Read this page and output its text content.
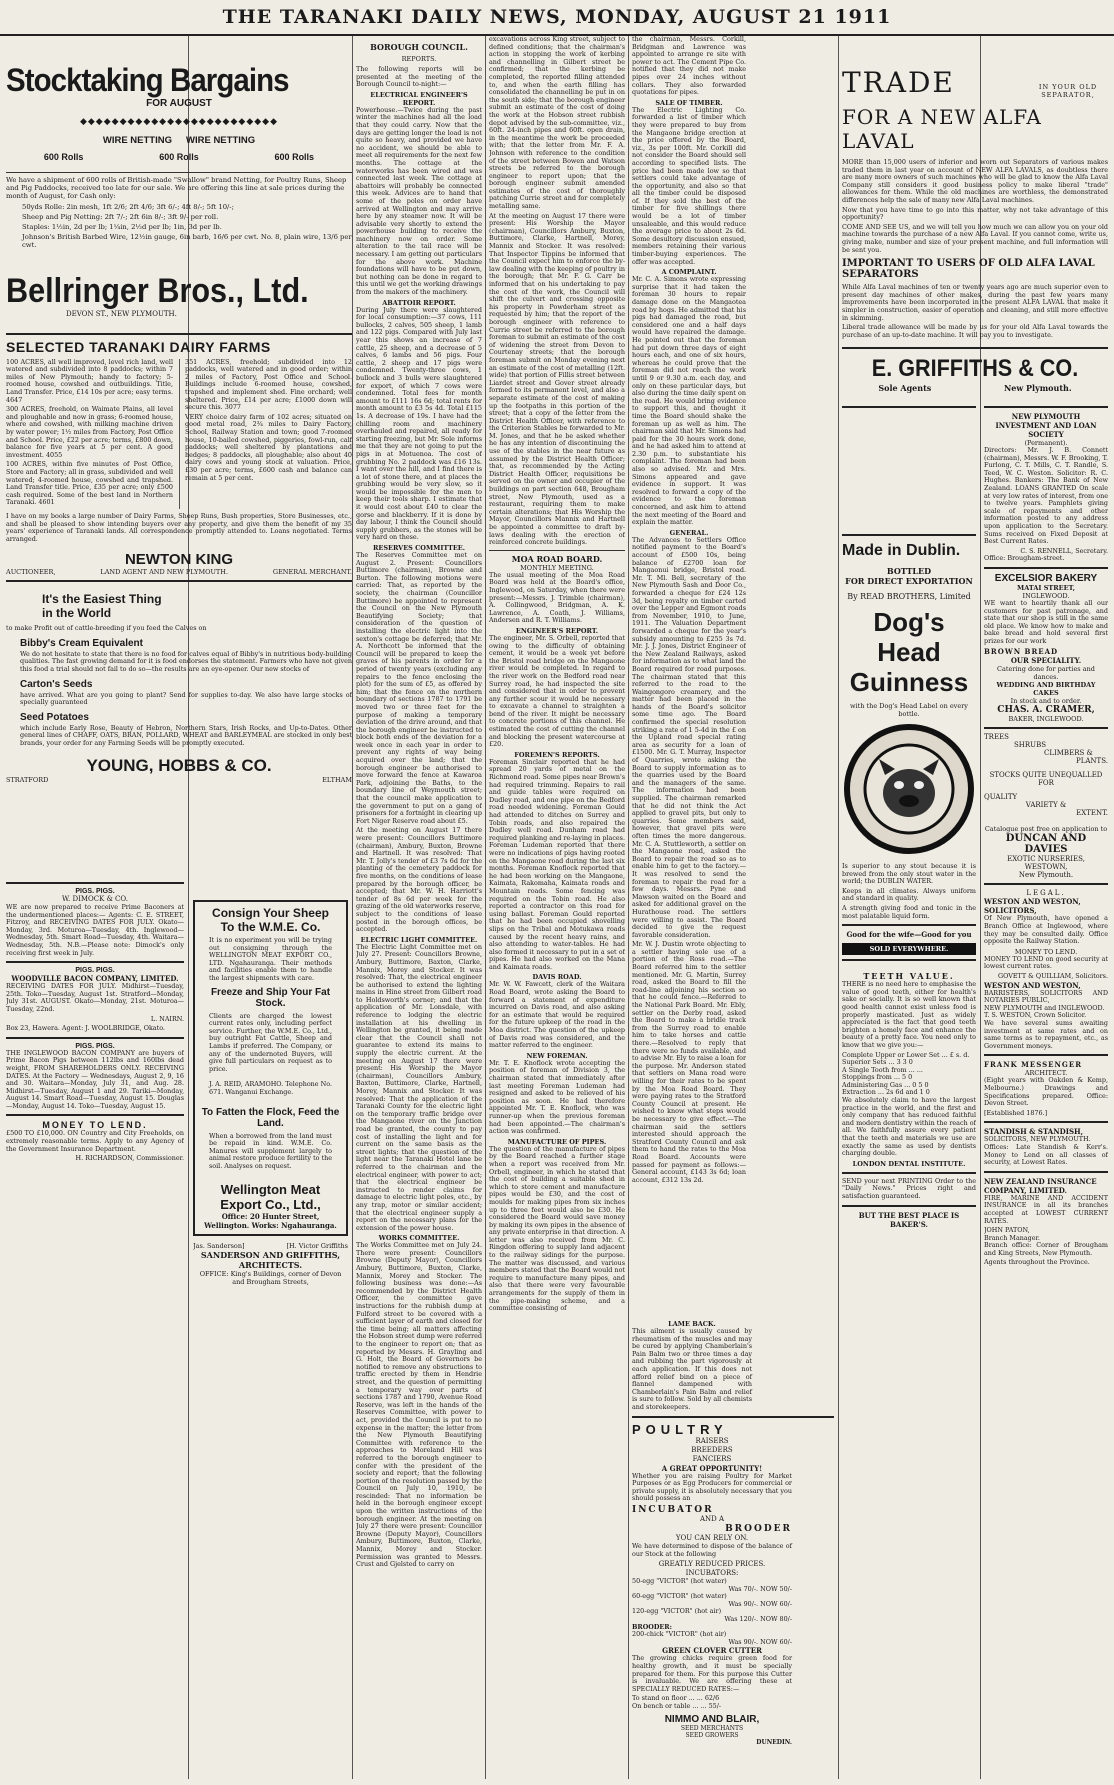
THE TARANAKI DAILY NEWS, MONDAY, AUGUST 21 1911
Stocktaking Bargains
FOR AUGUST
◆◆◆◆◆◆◆◆◆◆◆◆◆◆◆◆◆◆◆◆◆◆◆◆◆
WIRE NETTING WIRE NETTING
600 Rolls	600 Rolls	600 Rolls

We have a shipment of 600 rolls of British-made "Swallow" brand Netting, for Poultry Runs, Sheep and Pig Paddocks, received too late for our sale. We are offering this line at sale prices during the month of August, for Cash only:

50yds Rolle: 2in mesh, 1ft 2/6; 2ft 4/6; 3ft 6/-; 4ft 8/-; 5ft 10/-;

Sheep and Pig Netting: 2ft 7/-; 2ft 6in 8/-; 3ft 9/- per roll.

Staples: 1½in, 2d per lb; 1¼in, 2½d per lb; 1in, 3d per lb.

Johnson's British Barbed Wire, 12½in gauge, 6in barb, 16/6 per cwt. No. 8, plain wire, 13/6 per cwt.

Bellringer Bros., Ltd.
DEVON ST., NEW PLYMOUTH.
SELECTED TARANAKI DAIRY FARMS

100 ACRES, all well improved, level rich land, well watered and subdivided into 8 paddocks; within 7 miles of New Plymouth; handy to factory; 5-roomed house, cowshed and outbuildings. Title, Land Transfer. Price, £14 10s per acre; easy terms. 4647

300 ACRES, freehold, on Waimate Plains, all level and ploughable and now in grass; 6-roomed house, where and cowshed, with milking machine driven by water power; 1½ miles from Factory, Post Office and School. Price, £22 per acre; terms, £800 down, balance for five years at 5 per cent. A good investment. 4055

100 ACRES, within five minutes of Post Office, Store and Factory; all in grass, subdivided and well watered; 4-roomed house, cowshed and trapshed. Land Transfer title. Price, £35 per acre; only £500 cash required. Some of the best land in Northern Taranaki. 4601

351 ACRES, freehold; subdivided into 12 paddocks, well watered and in good order; within 2 miles of Factory, Post Office and School. Buildings include 6-roomed house, cowshed, trapshed and implement shed. Fine orchard; well sheltered. Price, £14 per acre; £1000 down will secure this. 3077

VERY choice dairy farm of 102 acres; situated on good metal road, 2¾ miles to Dairy Factory, School, Railway Station and town; good 7-roomed house, 10-bailed cowshed, piggeries, fowl-run, calf paddocks; well sheltered by plantations and hedges; 8 paddocks, all ploughable; also about 40 dairy cows and young stock at valuation. Price, £30 per acre; terms, £600 cash and balance can remain at 5 per cent.

I have on my books a large number of Dairy Farms, Sheep Runs, Bush properties, Store Businesses, etc., and shall be pleased to show intending buyers over any property, and give them the benefit of my 35 years' experience of Taranaki lands. All correspondence promptly attended to. Loans negotiated. Terms arranged.

NEWTON KING
AUCTIONEER,	LAND AGENT AND NEW PLYMOUTH.	GENERAL MERCHANT.
It's the Easiest Thing
in the World

to make Profit out of cattle-breeding if you feed the Calves on

Bibby's Cream Equivalent

We do not hesitate to state that there is no food for calves equal of Bibby's in nutritious body-building qualities. The fast growing demand for it is food endorses the statement. Farmers who have not given this food a trial should not fail to do so—the results are an eye-opener. Our new stocks of

Carton's Seeds

have arrived. What are you going to plant? Send for supplies to-day. We also have large stocks of specially guaranteed

Seed Potatoes

which include Early Rose, Beauty of Hebron, Northern Stars, Irish Rocks, and Up-to-Dates. Other general lines of CHAFF, OATS, BRAN, POLLARD, WHEAT and BARLEYMEAL are stocked in only best brands, your order for any Farming Seeds will be promptly executed.

YOUNG, HOBBS & CO.
STRATFORD	ELTHAM
PIGS. PIGS.
W. DIMOCK & CO.

WE are now prepared to receive Prime Baconers at the undermentioned places:— Agents: C. E. STREET, Fitzroy, and RECEIVING DATES FOR JULY. Okato—Monday, 3rd. Moturoa—Tuesday, 4th. Inglewood—Wednesday, 5th. Smart Road—Tuesday, 4th. Waitara—Wednesday, 5th. N.B.—Please note: Dimock's only receiving first week in July.

PIGS. PIGS.
WOODVILLE BACON COMPANY, LIMITED.

RECEIVING DATES FOR JULY. Midhirst—Tuesday, 25th. Toko—Tuesday, August 1st. Stratford—Monday, July 31st. AUGUST. Okato—Monday, 21st. Moturoa—Tuesday, 22nd.

L. NAIRN.

Box 23, Hawera. Agent: J. WOOLBRIDGE, Okato.

PIGS. PIGS.

THE INGLEWOOD BACON COMPANY are buyers of Prime Bacon Pigs between 112lbs and 160lbs dead weight, FROM SHAREHOLDERS ONLY. RECEIVING DATES. At the Factory — Wednesdays, August 2, 9, 16 and 30. Waitara—Monday, July 31, and Aug. 28. Midhirst—Tuesday, August 1 and 29. Tariki—Monday, August 14. Smart Road—Tuesday, August 15. Douglas—Monday, August 14. Toko—Tuesday, August 15.

MONEY TO LEND.

£500 TO £10,000. ON Country and City Freeholds, on extremely reasonable terms. Apply to any Agency of the Government Insurance Department.

H. RICHARDSON, Commissioner.

Consign Your Sheep
To the W.M.E. Co.

It is no experiment you will be trying out consigning through the WELLINGTON MEAT EXPORT CO., LTD. Ngahauranga. Their methods and facilities enable them to handle the largest shipments with care.

Freeze and Ship Your Fat Stock.

Clients are charged the lowest current rates only, including perfect service. Further, the W.M.E. Co., Ltd., buy outright Fat Cattle, Sheep and Lambs if preferred. The Company, or any of the undernoted Buyers, will give full particulars on request as to price.

J. A. REID, ARAMOHO. Telephone No. 671. Wanganui Exchange.

To Fatten the Flock, Feed the Land.

When a borrowed from the land must be repaid in kind. W.M.E. Co. Manures will supplement largely to animal restore produce fertility to the soil. Analyses on request.

Wellington Meat Export Co., Ltd.,
Office: 20 Hunter Street, Wellington. Works: Ngahauranga.
Jas. Sanderson]	[H. Victor Griffiths
SANDERSON AND GRIFFITHS, ARCHITECTS.
OFFICE: King's Buildings, corner of Devon and Brougham Streets,
BOROUGH COUNCIL.
REPORTS.

The following reports will be presented at the meeting of the Borough Council to-night:—

ELECTRICAL ENGINEER'S REPORT.

Powerhouse.—Twice during the past winter the machines had all the load that they could carry. Now that the days are getting longer the load is not quite so heavy, and provided we have no accident, we should be able to meet all requirements for the next few months. The cottage at the waterworks has been wired and was connected last week. The cottage at abattoirs will probably be connected this week. Advices are to hand that some of the poles on order have arrived at Wellington and may arrive here by any steamer now. It will be advisable very shortly to extend the powerhouse building to receive the machinery now on order. Some alteration to the tail race will be necessary. I am getting out particulars for the above work. Machine foundations will have to be put down, but nothing can be done in regard to this until we get the working drawings from the makers of the machinery.

ABATTOIR REPORT.

During July there were slaughtered for local consumption:—37 cows, 111 bullocks, 2 calves, 505 sheep, 1 lamb and 122 pigs. Compared with July last year this shows an increase of 7 cattle, 25 sheep, and a decrease of 5 calves, 6 lambs and 56 pigs. Four cattle, 2 sheep and 17 pigs were condemned. Twenty-three cows, 1 bullock and 3 bulls were slaughtered for export, of which 7 cows were condemned. Total fees for month amount to £111 16s 6d; total rents for month amount to £3 5s 4d. Total £115 1s. A decrease of 19s. I have had the chilling room and machinery overhauled and repaired, all ready for starting freezing, but Mr. Sole informs me that they are not going to put the pigs in at Motuenoa. The cost of grubbing No. 2 paddock was £16 13s. I want over the hill, and I find there is a lot of stone there, and at places the grubbing would be very slow, so it would be impossible for the men to keep their tools sharp. I estimate that it would cost about £40 to clear the gorse and blackberry. If it is done by day labour, I think the Council should supply grubbers, as the stones will be very hard on these.

RESERVES COMMITTEE.

The Reserves Committee met on August 2. Present: Councillors Buttimore (chairman), Browne and Burton. The following motions were carried: That, as reported by the society, the chairman (Councillor Buttimore) be appointed to represent the Council on the New Plymouth Beautifying Society; that consideration of the question of installing the electric light into the sexton's cottage be deferred; that Mr. A. Northcott be informed that the Council will be prepared to keep the graves of his parents in order for a period of twenty years (excluding any repairs to the fence enclosing the plot) for the sum of £5, as offered by him; that the fence on the northern boundary of sections 1787 to 1791 be moved two or three feet for the purpose of making a temporary deviation of the drive around, and that the borough engineer be instructed to block both ends of the deviation for a week once in each year in order to prevent any rights of way being acquired over the land; that the borough engineer be authorised to move forward the fence at Kawaroa Park, adjoining the Baths, to the boundary line of Weymouth street; that the council make application to the government to put on a gang of prisoners for a fortnight in clearing up Fort Niger Reserve road about £5.

At the meeting on August 17 there were present: Councillors Buttimore (chairman), Ambury, Buxton, Browne and Hartnell. It was resolved: That Mr. T. Jolly's tender of £3 7s 6d for the planting of the cemetery paddock for five months, on the conditions of lease prepared by the borough officer, be accepted; that Mr. W. H. Harriott's tender of 8s 6d per week for the grazing of the old waterworks reserve, subject to the conditions of lease posted in the borough offices, be accepted.

ELECTRIC LIGHT COMMITTEE.

The Electric Light Committee met on July 27. Present: Councillors Browne, Ambury, Buttimore, Baxton, Clarke, Mannix, Morey and Stocker. It was resolved: That, the electrical engineer be authorised to extend the lighting mains in Hine street from Gilbert road to Holdsworth's corner; and that the application of Mr. Lonsdale, with reference to lodging the electric installation at his dwelling in Wellington be granted, it being made clear that the Council shall not guarantee to extend its mains to supply the electric current. At the meeting on August 17 there were present: His Worship the Mayor (chairman), Councillors Ambury, Baxton, Buttimore, Clarke, Hartnell, Morey, Mannix and Stocker. It was resolved: That the application of the Taranaki County for the electric light on the temporary traffic bridge over the Mangaone river on the Junction road be granted, the county to pay cost of installing the light and for current on the same basis as the street lights; that the question of the light near the Taranaki Hotel lane be referred to the chairman and the electrical engineer, with power to act; that the electrical engineer be instructed to render claims for damage to electric light poles, etc., by any trap, motor or similar accident; that the electrical engineer supply a report on the necessary plans for the extension of the power house.

WORKS COMMITTEE.

The Works Committee met on July 24. There were present: Councillors Browne (Deputy Mayor), Councillors Ambury, Buttimore, Buxton, Clarke, Mannix, Morey and Stocker. The following business was done:—As recommended by the District Health Officer, the committee gave instructions for the rubbish dump at Fulford street to be covered with a sufficient layer of earth and closed for the time being; all matters affecting the Hobson street dump were referred to the engineer to report on; that as reported by Messrs. H. Grayling and G. Holt, the Board of Governors be notified to remove any obstructions to traffic erected by them in Hendrie street, and the question of permitting a temporary way over parts of sections 1787 and 1790, Avenue Road Reserve, was left in the hands of the Reserves Committee, with power to act, provided the Council is put to no expense in the matter; the letter from the New Plymouth Beautifying Committee with reference to the approaches to Moreland Hill was referred to the borough engineer to confer with the president of the society and report; that the following portion of the resolution passed by the Council on July 10, 1910, be rescinded: That no information be held in the borough engineer except upon the written instructions of the borough engineer. At the meeting on July 27 there were present: Councillor Browne (Deputy Mayor), Councillors Ambury, Buttimore, Buxton, Clarke, Mannix, Morey and Stocker. Permission was granted to Messrs. Crust and Gjelsted to carry on

excavations across King street, subject to defined conditions; that the chairman's action in stopping the work of kerbing and channelling in Gilbert street be confirmed; that the kerbing be completed, the reported filling attended to, and when the earth filling has consolidated the channelling be put in on the south side; that the borough engineer submit an estimate of the cost of doing the work at the Hobson street rubbish depot advised by the sub-committee, viz., 60ft. 24-inch pipes and 60ft. open drain, in the meantime the work be proceeded with; that the letter from Mr. F. A. Johnson with reference to the condition of the street between Bowen and Watson streets be referred to the borough engineer to report upon; that the borough engineer submit amended estimates of the cost of thoroughly patching Currie street and for completely metalling same.

At the meeting on August 17 there were present: His Worship the Mayor (chairman), Councillors Ambury, Buxton, Buttimore, Clarke, Hartnell, Morey, Mannix and Stocker. It was resolved: That Inspector Tippins be informed that the Council expect him to enforce the by-law dealing with the keeping of poultry in the borough; that Mr. F. G. Carr be informed that on his undertaking to pay the cost of the work, the Council will shift the culvert and crossing opposite his property in Powderham street as requested by him; that the report of the borough engineer with reference to Currie street be referred to the borough foreman to submit an estimate of the cost of widening the street from Devon to Courtenay streets; that the borough foreman submit on Monday evening next an estimate of the cost of metalling (12ft. wide) that portion of Fillis street between Liardet street and Gover street already formed to its permanent level, and also a separate estimate of the cost of making up the footpaths in this portion of the street; that a copy of the letter from the District Health Officer, with reference to the Criterion Stables be forwarded to Mr. M. Jones, and that he be asked whether he has any intention of discontinuing the use of the stables in the near future as assumed by the District Health Officer; that, as recommended by the Acting District Health Officer, requisitions be served on the owner and occupier of the buildings on part section 648, Brougham street, New Plymouth, used as a restaurant, requiring them to make certain alterations; that His Worship the Mayor, Councillors Mannix and Hartnell be appointed a committee to draft by-laws dealing with the erection of reinforced concrete buildings.

MOA ROAD BOARD.
MONTHLY MEETING.

The usual meeting of the Moa Road Board was held at the Board's office, Inglewood, on Saturday, when there were present:—Messrs. J. Trimble (chairman), A. Collingwood, Bridgman, A. K. Lawrence, A. Coath, J. Williams, Andersen and R. T. Williams.

ENGINEER'S REPORT.

The engineer, Mr. S. Orbell, reported that owing to the difficulty of obtaining cement, it would be a week yet before the Bristol road bridge on the Mangaone river would be completed. In regard to the river work on the Bedford road near Surrey road, he had inspected the site and considered that in order to prevent any further scour it would be necessary to excavate a channel to straighten a bend of the river. It might be necessary to concrete portions of this channel. He estimated the cost of cutting the channel and blocking the present watercourse at £20.

FOREMEN'S REPORTS.

Foreman Sinclair reported that he had spread 20 yards of metal on the Richmond road. Some pipes near Brown's had required trimming. Repairs to rail and guide tables were required on Dudley road, and one pipe on the Bedford road needed widening. Foreman Gould had attended to ditches on Surrey and Tobin roads, and also repaired the Dudley well road. Dunham road had required planking and re-laying in places. Foreman Ludeman reported that there were no indications of pigs having rooted on the Mangaone road during the last six months. Foreman Knoflock reported that he had been working on the Mangaone, Kaimata, Rakomaha, Kaimata roads and Mountain roads. Some fencing was required on the Tobin road. He also reported a contractor on this road for using ballast. Foreman Gould reported that he had been occupied shovelling slips on the Tribal and Motukawa roads caused by the recent heavy rains, and also attending to water-tables. He had also formed it necessary to put in a set of pipes. He had also worked on the Mana and Kaimata roads.

DAVIS ROAD.

Mr. W. W. Fawcett, clerk of the Waitara Road Board, wrote asking the Board to forward a statement of expenditure incurred on Davis road, and also asking for an estimate that would be required for the future upkeep of the road in the Moa district. The question of the upkeep of Davis road was considered, and the matter referred to the engineer.

NEW FOREMAN.

Mr. T. E. Knoflock wrote accepting the position of foreman of Division 3, the chairman stated that immediately after last meeting Foreman Ludeman had resigned and asked to be relieved of his position as soon. He had therefore appointed Mr. T. E. Knoflock, who was runner-up when the previous foreman had been appointed.—The chairman's action was confirmed.

MANUFACTURE OF PIPES.

The question of the manufacture of pipes by the Board reached a further stage when a report was received from Mr. Orbell, engineer, in which he stated that the cost of building a suitable shed in which to store cement and manufacture pipes would be £30, and the cost of moulds for making pipes from six inches up to three feet would also be £30. He considered the Board would save money by making its own pipes in the absence of any private enterprise in that direction. A letter was also received from Mr. C. Ringdon offering to supply land adjacent to the railway sidings for the purpose. The matter was discussed, and various members stated that the Board would not require to manufacture many pipes, and also that there were very favourable arrangements for the supply of them in the pipe-making scheme, and a committee consisting of

the chairman, Messrs. Corkill, Bridgman and Lawrence was appointed to arrange re site with power to act. The Cement Pipe Co. notified that they did not make pipes over 24 inches without collars. They also forwarded quotations for pipes.

SALE OF TIMBER.

The Electric Lighting Co. forwarded a list of timber which they were prepared to buy from the Mangaone bridge erection at the price offered by the Board, viz., 3s per 100ft. Mr. Corkill did not consider the Board should sell according to specified lists. The price had been made low so that settlers could take advantage of the opportunity, and also so that all the timber could be disposed of. If they sold the best of the timber for five shillings there would be a lot of timber unsaleable, and this would reduce the average price to about 2s 6d. Some desultory discussion ensued, members retaining their various timber-buying experiences. The offer was accepted.

A COMPLAINT.

Mr. C. A. Simons wrote expressing surprise that it had taken the foreman 30 hours to repair damage done on the Mangaotea road by hogs. He admitted that his pigs had damaged the road, but considered one and a half days would have repaired the damage. He pointed out that the foreman had put down three days of eight hours each, and one of six hours, whereas he could prove that the foreman did not reach the work until 9 or 9.30 a.m. each day, and only on these particular days, but also during the time daily spent on the road. He would bring evidence to support this, and thought it time the Board should shake the foreman up as well as him. The chairman said that Mr. Simons had paid for the 30 hours work done, and he had asked him to attend at 2.30 p.m. to substantiate his complaint. The foreman had been also so advised. Mr. and Mrs. Simons appeared and gave evidence in support. It was resolved to forward a copy of the evidence to the foreman concerned, and ask him to attend the next meeting of the Board and explain the matter.

GENERAL.

The Advances to Settlers Office notified payment to the Board's account of £500 10s, being balance of £2700 loan for Mangaonui bridge, Bristol road. Mr. T. Ml. Bell, secretary of the New Plymouth Sash and Door Co., forwarded a cheque for £24 12s 3d, being royalty on timber carted over the Lepper and Egmont roads from November, 1910, to June, 1911. The Valuation Department forwarded a cheque for the year's subsidy amounting to £255 3s 7d. Mr. J. J. Jones, District Engineer of the New Zealand Railways, asked for information as to what land the Board required for road purposes. The chairman stated that this referred to the road to the Waingongoro creamery, and the matter had been placed in the hands of the Board's solicitor some time ago. The Board confirmed the special resolution striking a rate of 1 5-4d in the £ on the Upland road special rating area as security for a loan of £1500. Mr. G. T. Murray, Inspector of Quarries, wrote asking the Board to supply information as to the quarries used by the Board and the managers of the same. The information had been supplied. The chairman remarked that he did not think the Act applied to gravel pits, but only to quarries. Some members said, however, that gravel pits were often times the more dangerous. Mr. C. A. Stuttleworth, a settler on the Mangaone road, asked the Board to repair the road so as to enable him to get to the factory.—It was resolved to send the foreman to repair the road for a few days. Messrs. Pyne and Mawson waited on the Board and asked for additional gravel on the Hurathouse road. The settlers were willing to assist. The Board decided to give the request favorable consideration.

Mr. W. J. Dustin wrote objecting to a settler having sole use of a portion of the Ross road.—The Board referred him to the settler mentioned. Mr. G. Martin, Surrey road, asked the Board to fill the road-line adjoining his section so that he could fence.—Referred to the National Park Board. Mr. Ebly, settler on the Derby road, asked the Board to make a bridle track from the Surrey road to enable him to take horses and cattle there.—Resolved to reply that there were no funds available, and to advise Mr. Ely to raise a loan for the purpose. Mr. Anderson stated that settlers on Mana road were willing for their rates to be spent by the Moa Road Board. They were paying rates to the Stratford County Council at present. He wished to know what steps would be necessary to give effect.—The chairman said the settlers interested should approach the Stratford County Council and ask them to hand the rates to the Moa Road Board. Accounts were passed for payment as follows:—General account, £143 3s 6d; loan account, £312 13s 2d.

LAME BACK.

This ailment is usually caused by rheumatism of the muscles and may be cured by applying Chamberlain's Pain Balm two or three times a day and rubbing the part vigorously at each application. If this does not afford relief bind on a piece of flannel dampened with Chamberlain's Pain Balm and relief is sure to follow. Sold by all chemists and storekeepers.

POULTRY
RAISERS
BREEDERS
FANCIERS
A GREAT OPPORTUNITY!

Whether you are raising Poultry for Market Purposes or as Egg Producers for commercial or private supply, it is absolutely necessary that you should possess an

INCUBATOR
AND A
BROODER
YOU CAN RELY ON.

We have determined to dispose of the balance of our Stock at the following

GREATLY REDUCED PRICES.
INCUBATORS:
50-egg "VICTOR" (hot water)
Was 70/-. NOW 50/-
60-egg "VICTOR" (hot water)
Was 90/-. NOW 60/-
120-egg "VICTOR" (hot air)
Was 120/-. NOW 80/-
BROODER:
200-chick "VICTOR" (hot air)
Was 90/-. NOW 60/-
GREEN CLOVER CUTTER

The growing chicks require green food for healthy growth, and it must be specially prepared for them. For this purpose this Cutter is invaluable. We are offering these at SPECIALLY REDUCED RATES:—

To stand on floor ... ... 62/6
On bench or table ... ... 55/-
NIMMO AND BLAIR,
SEED MERCHANTS
SEED GROWERS
DUNEDIN.
TRADE	IN YOUR OLD SEPARATOR,
FOR A NEW ALFA LAVAL

MORE than 15,000 users of inferior and worn out Separators of various makes traded them in last year on account of NEW ALFA LAVALS, as doubtless there are many more owners of such machines who will be glad to know the Alfa Laval Company still considers it good business policy to make liberal "trade" allowances for them. While the old machines are worthless, the demonstrated differences help the sale of many new Alfa Laval machines.

Now that you have time to go into this matter, why not take advantage of this opportunity?

COME AND SEE US, and we will tell you how much we can allow you on your old machine towards the purchase of a new Alfa Laval. If you cannot come, write us, giving make, number and size of your present machine, and full information will be sent you.

IMPORTANT TO USERS OF OLD ALFA LAVAL SEPARATORS

While Alfa Laval machines of ten or twenty years ago are much superior even to present day machines of other makes, during the past few years many improvements have been incorporated in the present ALFA LAVAL that make it simpler in construction, easier of operation and cleaning, and still more effective in skimming.

Liberal trade allowance will be made by us for your old Alfa Laval towards the purchase of an up-to-date machine. It will pay you to investigate.

E. GRIFFITHS & CO.
Sole Agents	New Plymouth.
Made in Dublin.
BOTTLED
FOR DIRECT EXPORTATION
By READ BROTHERS, Limited
Dog's Head
Guinness

with the Dog's Head Label on every bottle.

Is superior to any stout because it is brewed from the only stout water in the world; the DUBLIN WATER.

Keeps in all climates. Always uniform and standard in quality.

A strength giving food and tonic in the most palatable liquid form.

Good for the wife—Good for you
SOLD EVERYWHERE.
TEETH VALUE.

THERE is no need here to emphasise the value of good teeth, either for health's sake or socially. It is so well known that good health cannot exist unless food is properly masticated. Just as widely appreciated is the fact that good teeth brighten a homely face and enhance the beauty of a pretty face. You need only to know that we give you:—

Complete Upper or Lower Set ... £ s. d.
Superior Sets ... 3 3 0
A Single Tooth from ... ...
Stoppings from ... 5 0
Administering Gas ... 0 5 0
Extraction ... 2s 6d and 1 0

We absolutely claim to have the largest practice in the world, and the first and only company that has reduced faithful and modern dentistry within the reach of all. We faithfully assure every patient that the teeth and materials we use are exactly the same as used by dentists charging double.

LONDON DENTAL INSTITUTE.

SEND your next PRINTING Order to the "Daily News." Prices right and satisfaction guaranteed.

BUT THE BEST PLACE IS BAKER'S.
NEW PLYMOUTH INVESTMENT AND LOAN SOCIETY
(Permanent).

Directors: Mr. J. B. Connett (chairman), Messrs. W. F. Brooking, T. Furlong, C. T. Mills, C. T. Randle, S. Teed, W. C. Weston. Solicitor: R. C. Hughes. Bankers: The Bank of New Zealand. LOANS GRANTED On scale at very low rates of interest, from one to twelve years. Pamphlets giving scale of repayments and other information posted to any address upon application to the Secretary. Sums received on Fixed Deposit at Best Current Rates.

C. S. RENNELL, Secretary.
Office: Brougham-street.
EXCELSIOR BAKERY
MATAI STREET,
INGLEWOOD.

WE want to heartily thank all our customers for past patronage, and state that our shop is still in the same old place. We know how to make and bake bread and hold several first prizes for our work

BROWN BREAD
OUR SPECIALITY.
Catering done for parties and dances.
WEDDING AND BIRTHDAY CAKES
In stock and to order.
CHAS. A. CRAMER,
BAKER, INGLEWOOD.
TREES
SHRUBS
CLIMBERS &
PLANTS.
STOCKS QUITE UNEQUALLED FOR
QUALITY
VARIETY &
EXTENT.
Catalogue post free on application to
DUNCAN AND DAVIES
EXOTIC NURSERIES,
WESTOWN,
New Plymouth.
LEGAL.
WESTON AND WESTON, SOLICITORS,

Of New Plymouth, have opened a Branch Office at Inglewood, where they may be consulted daily. Office opposite the Railway Station.

MONEY TO LEND.

MONEY TO LEND on good security at lowest current rates.

GOVETT & QUILLIAM, Solicitors.
WESTON AND WESTON,
BARRISTERS, SOLICITORS AND NOTARIES PUBLIC,
NEW PLYMOUTH and INGLEWOOD.
T. S. WESTON, Crown Solicitor.

We have several sums awaiting investment at same rates and on same terms as to repayment, etc., as Government moneys.

FRANK MESSENGER
ARCHITECT.

(Eight years with Oakden & Kemp, Melbourne.) Drawings and Specifications prepared. Office: Devon Street.

[Established 1876.]
STANDISH & STANDISH,
SOLICITORS, NEW PLYMOUTH.

Offices: Late Standish & Kerr's. Money to Lend on all classes of security, at Lowest Rates.

NEW ZEALAND INSURANCE COMPANY, LIMITED.

FIRE, MARINE AND ACCIDENT INSURANCE in all its branches accepted at LOWEST CURRENT RATES.

JOHN PATON,
Branch Manager.

Branch office: Corner of Brougham and King Streets, New Plymouth.

Agents throughout the Province.
